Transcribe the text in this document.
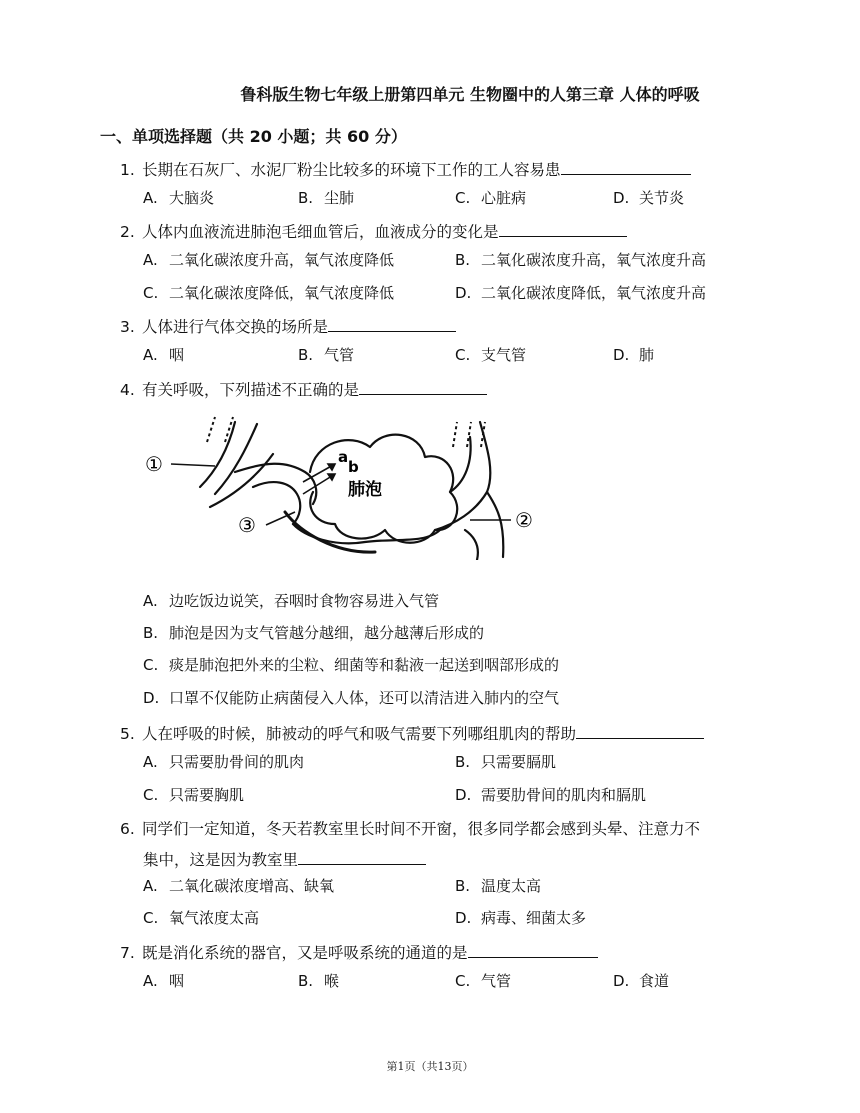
鲁科版生物七年级上册第四单元 生物圈中的人第三章 人体的呼吸
一、单项选择题（共 20 小题；共 60 分）
1. 长期在石灰厂、水泥厂粉尘比较多的环境下工作的工人容易患
A. 大脑炎	B. 尘肺	C. 心脏病	D. 关节炎
2. 人体内血液流进肺泡毛细血管后，血液成分的变化是
A. 二氧化碳浓度升高，氧气浓度降低	B. 二氧化碳浓度升高，氧气浓度升高
C. 二氧化碳浓度降低，氧气浓度降低	D. 二氧化碳浓度降低，氧气浓度升高
3. 人体进行气体交换的场所是
A. 咽	B. 气管	C. 支气管	D. 肺
4. 有关呼吸，下列描述不正确的是
①
②
③
a
b
肺泡
A. 边吃饭边说笑，吞咽时食物容易进入气管
B. 肺泡是因为支气管越分越细，越分越薄后形成的
C. 痰是肺泡把外来的尘粒、细菌等和黏液一起送到咽部形成的
D. 口罩不仅能防止病菌侵入人体，还可以清洁进入肺内的空气
5. 人在呼吸的时候，肺被动的呼气和吸气需要下列哪组肌肉的帮助
A. 只需要肋骨间的肌肉	B. 只需要膈肌
C. 只需要胸肌	D. 需要肋骨间的肌肉和膈肌
6. 同学们一定知道，冬天若教室里长时间不开窗，很多同学都会感到头晕、注意力不
集中，这是因为教室里
A. 二氧化碳浓度增高、缺氧	B. 温度太高
C. 氧气浓度太高	D. 病毒、细菌太多
7. 既是消化系统的器官，又是呼吸系统的通道的是
A. 咽	B. 喉	C. 气管	D. 食道
第1页（共13页）
